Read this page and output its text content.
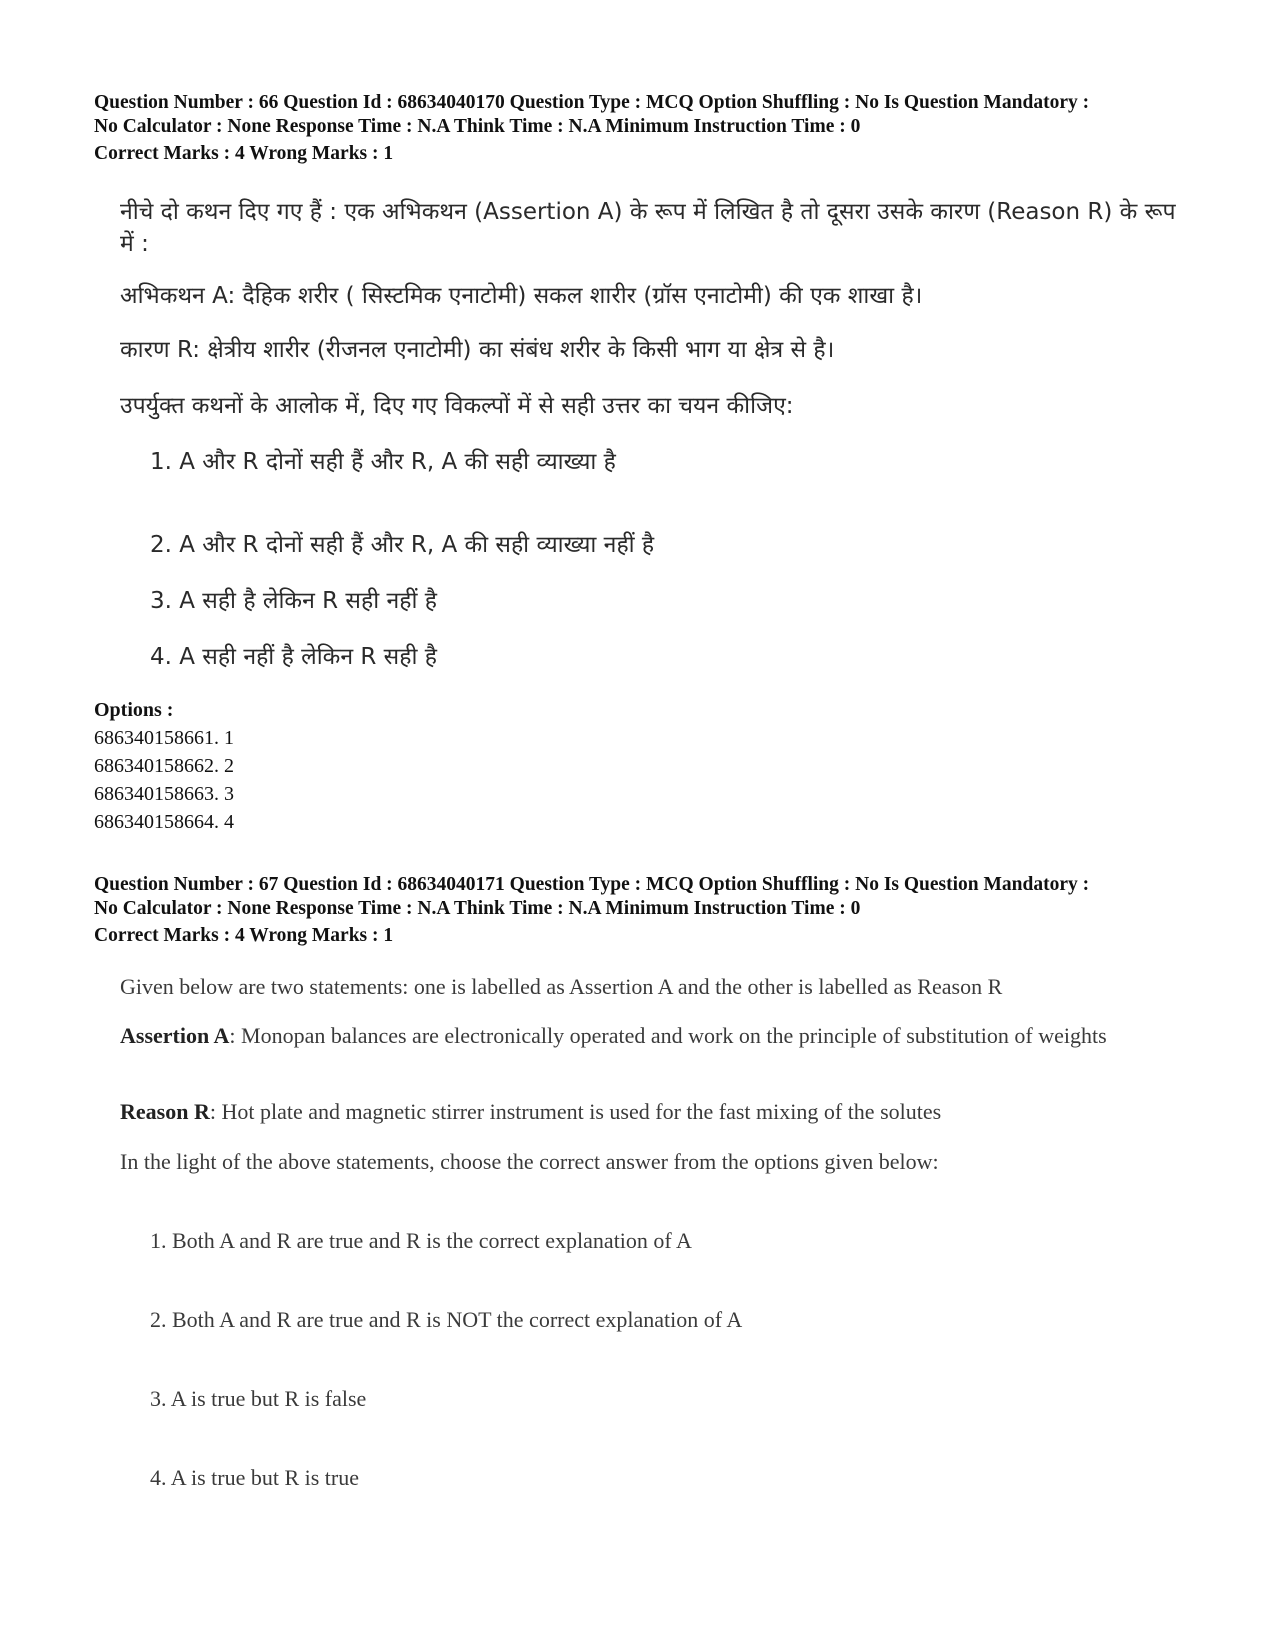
Question Number : 66 Question Id : 68634040170 Question Type : MCQ Option Shuffling : No Is Question Mandatory :
No Calculator : None Response Time : N.A Think Time : N.A Minimum Instruction Time : 0

Correct Marks : 4 Wrong Marks : 1

नीचे दो कथन दिए गए हैं : एक अभिकथन (Assertion A) के रूप में लिखित है तो दूसरा उसके कारण (Reason R) के रूप में :

अभिकथन A: दैहिक शरीर ( सिस्टमिक एनाटोमी) सकल शारीर (ग्रॉस एनाटोमी) की एक शाखा है।

कारण R: क्षेत्रीय शारीर (रीजनल एनाटोमी) का संबंध शरीर के किसी भाग या क्षेत्र से है।

उपर्युक्त कथनों के आलोक में, दिए गए विकल्पों में से सही उत्तर का चयन कीजिए:

1. A और R दोनों सही हैं और R, A की सही व्याख्या है

2. A और R दोनों सही हैं और R, A की सही व्याख्या नहीं है

3. A सही है लेकिन R सही नहीं है

4. A सही नहीं है लेकिन R सही है

Options :

686340158661. 1

686340158662. 2

686340158663. 3

686340158664. 4

Question Number : 67 Question Id : 68634040171 Question Type : MCQ Option Shuffling : No Is Question Mandatory :
No Calculator : None Response Time : N.A Think Time : N.A Minimum Instruction Time : 0

Correct Marks : 4 Wrong Marks : 1

Given below are two statements: one is labelled as Assertion A and the other is labelled as Reason R

Assertion A: Monopan balances are electronically operated and work on the principle of substitution of weights

Reason R: Hot plate and magnetic stirrer instrument is used for the fast mixing of the solutes

In the light of the above statements, choose the correct answer from the options given below:

1. Both A and R are true and R is the correct explanation of A

2. Both A and R are true and R is NOT the correct explanation of A

3. A is true but R is false

4. A is true but R is true
